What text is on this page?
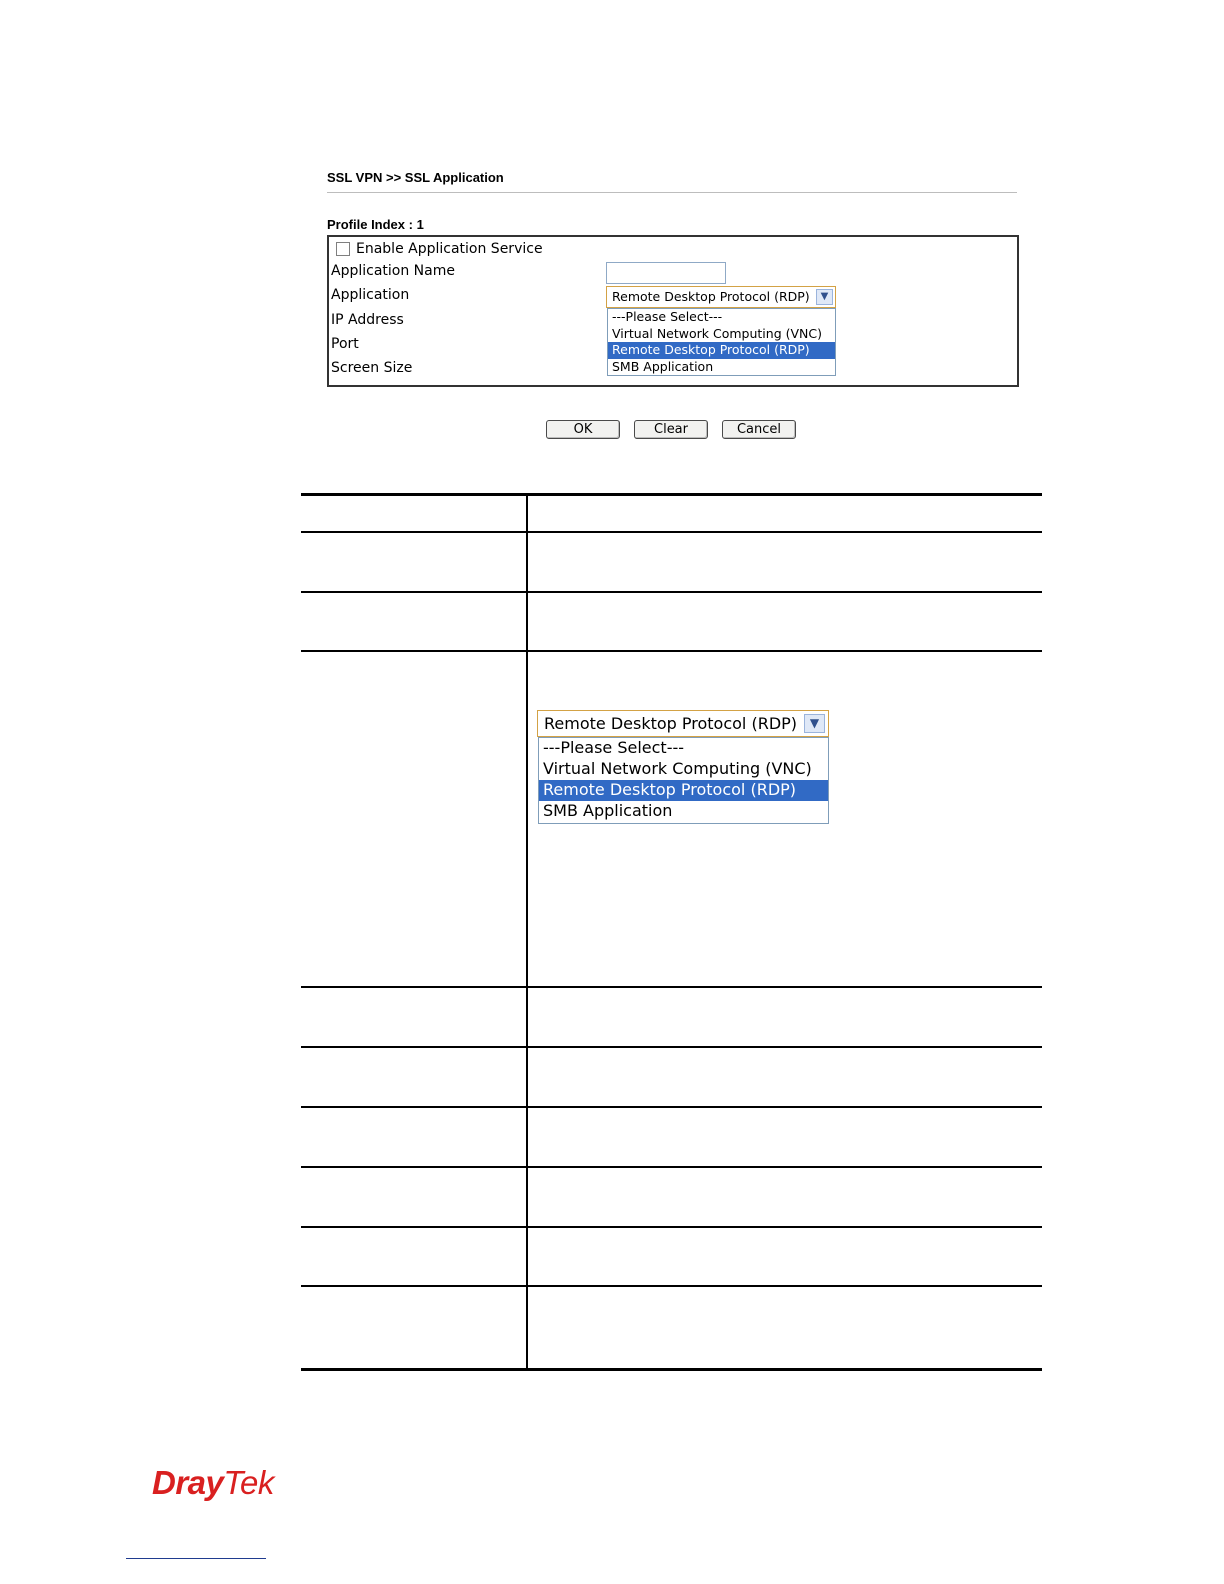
SSL VPN >> SSL Application
Profile Index : 1
Enable Application Service
Application Name
Application	Remote Desktop Protocol (RDP)	▼
---Please Select---
Virtual Network Computing (VNC)
Remote Desktop Protocol (RDP)
SMB Application
IP Address
Port
Screen Size
OK	Clear	Cancel
Remote Desktop Protocol (RDP)	▼
---Please Select---
Virtual Network Computing (VNC)
Remote Desktop Protocol (RDP)
SMB Application
DrayTek
